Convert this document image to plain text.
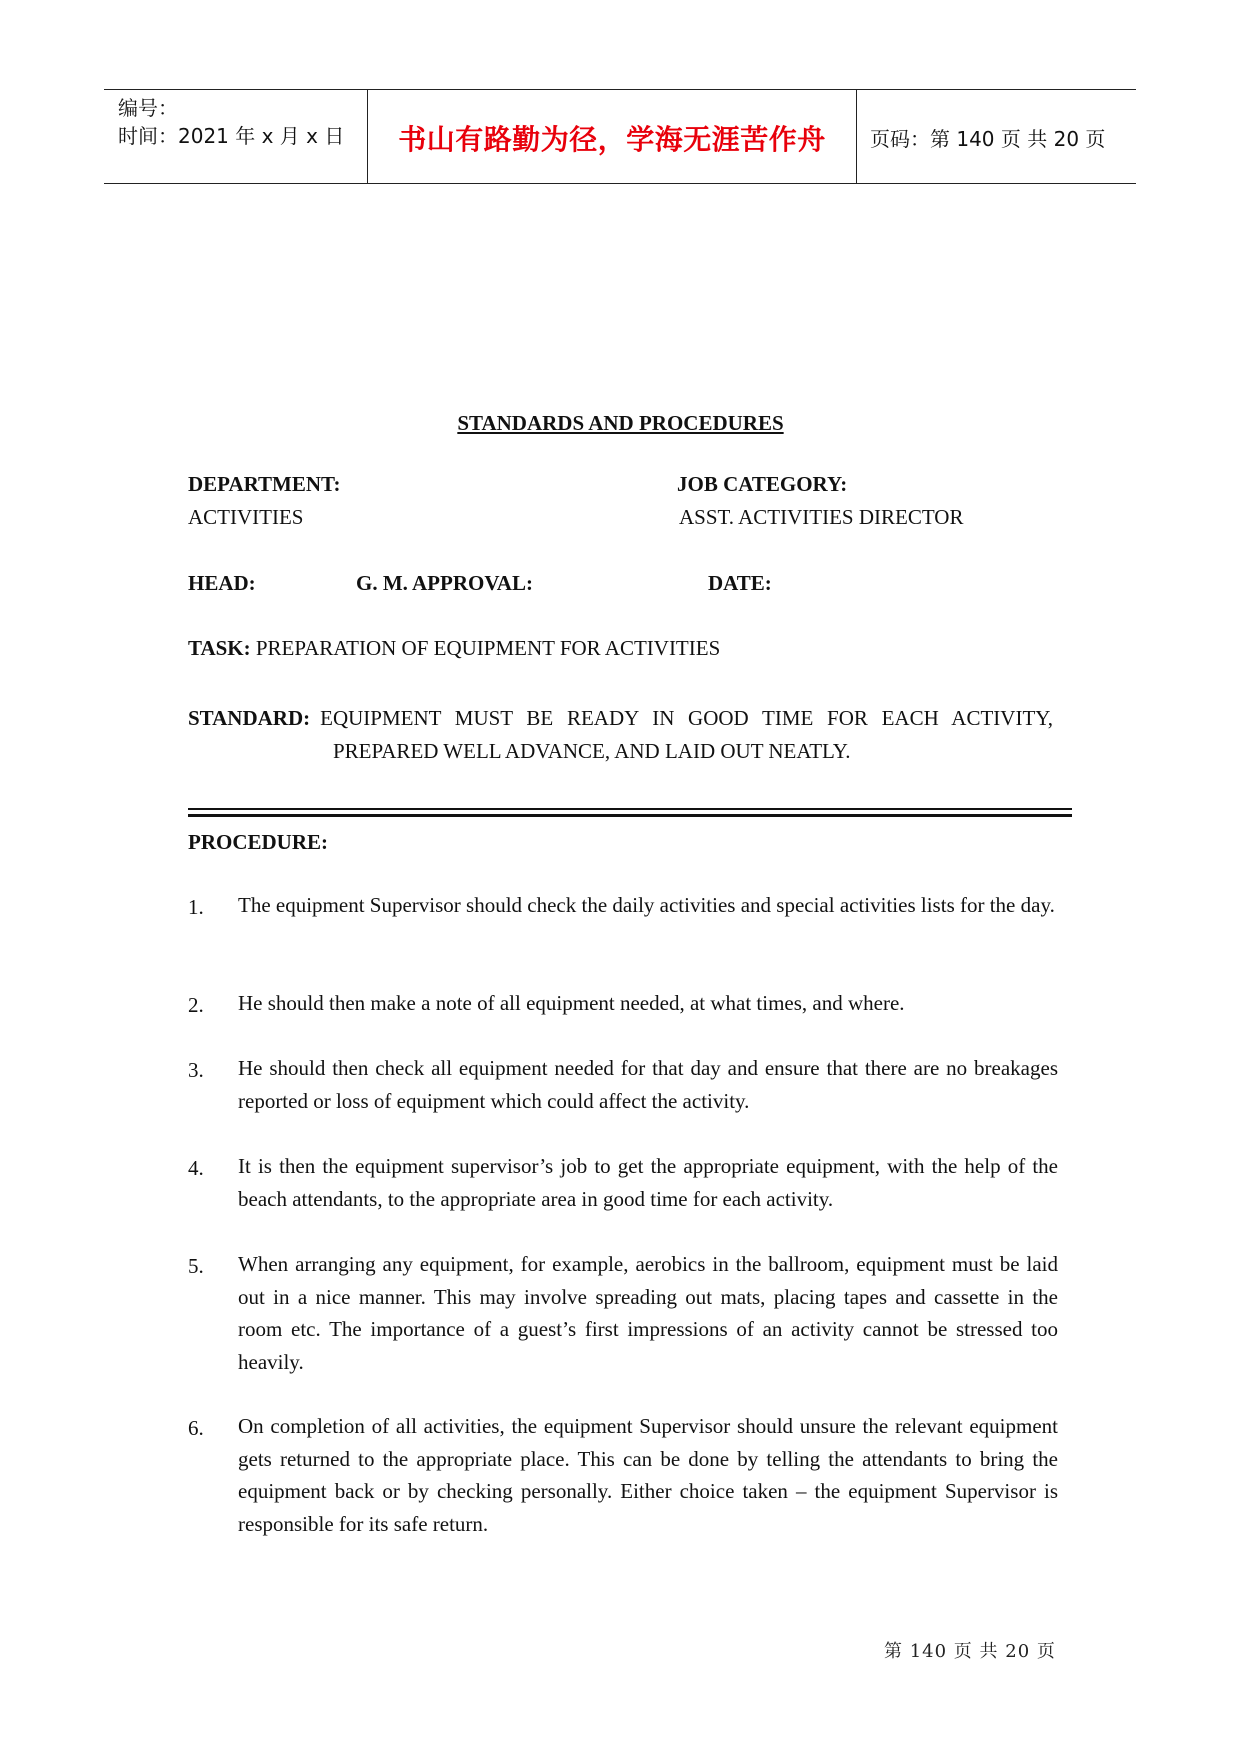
编号：
时间：2021 年 x 月 x 日	书山有路勤为径，学海无涯苦作舟	页码：第 140 页 共 20 页
STANDARDS AND PROCEDURES
DEPARTMENT:
ACTIVITIES
JOB CATEGORY:
ASST. ACTIVITIES DIRECTOR
HEAD:	G. M. APPROVAL:	DATE:
TASK: PREPARATION OF EQUIPMENT FOR ACTIVITIES

STANDARD: EQUIPMENT MUST BE READY IN GOOD TIME FOR EACH ACTIVITY,
PREPARED WELL ADVANCE, AND LAID OUT NEATLY.

PROCEDURE:
1. The equipment Supervisor should check the daily activities and special activities lists for the day.

2. He should then make a note of all equipment needed, at what times, and where.

3. He should then check all equipment needed for that day and ensure that there are no breakages reported or loss of equipment which could affect the activity.

4. It is then the equipment supervisor’s job to get the appropriate equipment, with the help of the beach attendants, to the appropriate area in good time for each activity.

5. When arranging any equipment, for example, aerobics in the ballroom, equipment must be laid out in a nice manner. This may involve spreading out mats, placing tapes and cassette in the room etc. The importance of a guest’s first impressions of an activity cannot be stressed too heavily.

6. On completion of all activities, the equipment Supervisor should unsure the relevant equipment gets returned to the appropriate place. This can be done by telling the attendants to bring the equipment back or by checking personally. Either choice taken – the equipment Supervisor is responsible for its safe return.

第 140 页 共 20 页
